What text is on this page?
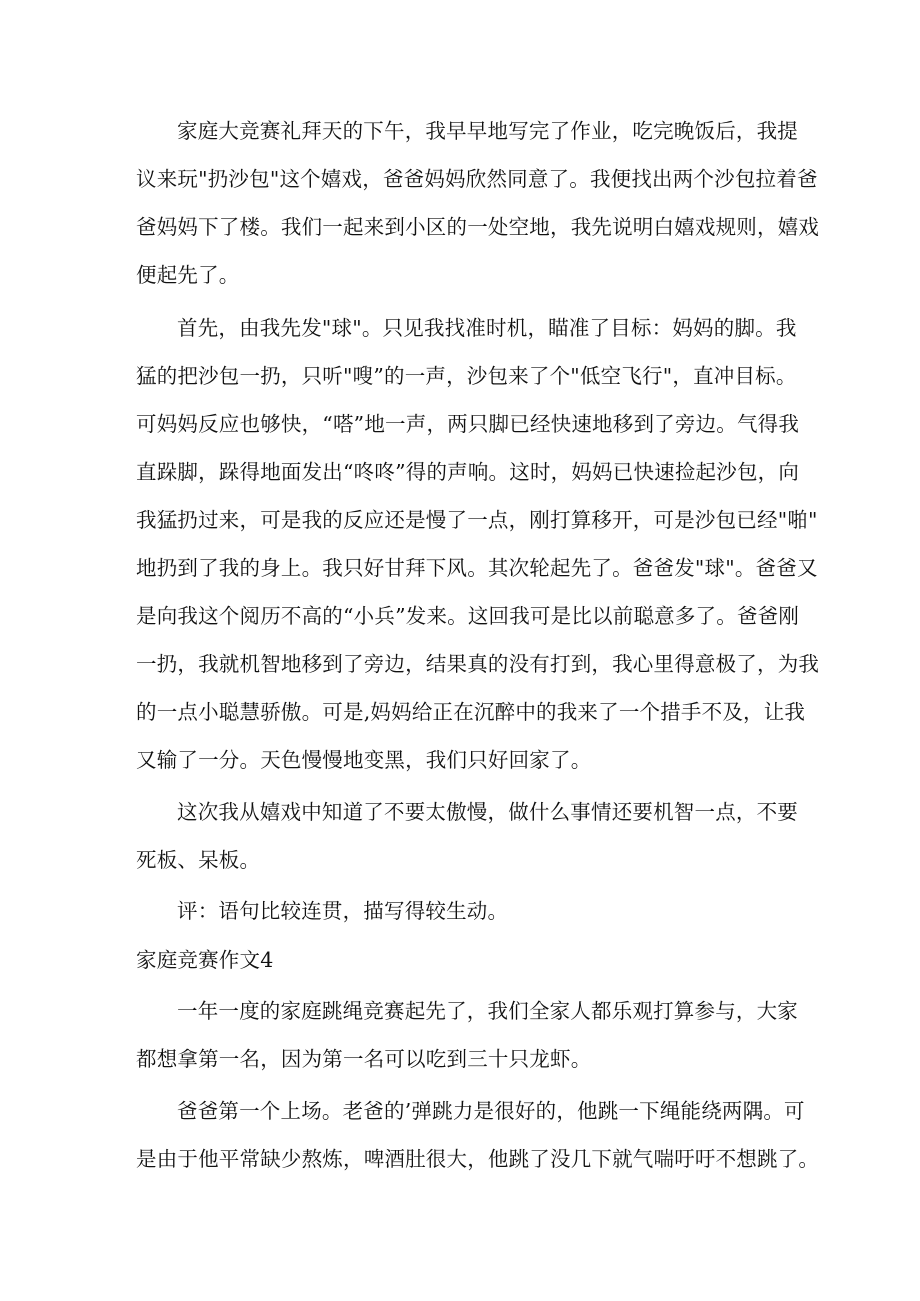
家庭大竞赛礼拜天的下午，我早早地写完了作业，吃完晚饭后，我提
议来玩"扔沙包"这个嬉戏，爸爸妈妈欣然同意了。我便找出两个沙包拉着爸
爸妈妈下了楼。我们一起来到小区的一处空地，我先说明白嬉戏规则，嬉戏
便起先了。
首先，由我先发"球"。只见我找准时机，瞄准了目标：妈妈的脚。我
猛的把沙包一扔，只听"嗖”的一声，沙包来了个"低空飞行"，直冲目标。
可妈妈反应也够快，“嗒”地一声，两只脚已经快速地移到了旁边。气得我
直跺脚，跺得地面发出“咚咚”得的声响。这时，妈妈已快速捡起沙包，向
我猛扔过来，可是我的反应还是慢了一点，刚打算移开，可是沙包已经"啪"
地扔到了我的身上。我只好甘拜下风。其次轮起先了。爸爸发"球"。爸爸又
是向我这个阅历不高的“小兵”发来。这回我可是比以前聪意多了。爸爸刚
一扔，我就机智地移到了旁边，结果真的没有打到，我心里得意极了，为我
的一点小聪慧骄傲。可是,妈妈给正在沉醉中的我来了一个措手不及，让我
又输了一分。天色慢慢地变黑，我们只好回家了。
这次我从嬉戏中知道了不要太傲慢，做什么事情还要机智一点，不要
死板、呆板。
评：语句比较连贯，描写得较生动。
家庭竞赛作文4
一年一度的家庭跳绳竞赛起先了，我们全家人都乐观打算参与，大家
都想拿第一名，因为第一名可以吃到三十只龙虾。
爸爸第一个上场。老爸的’弹跳力是很好的，他跳一下绳能绕两隅。可
是由于他平常缺少熬炼，啤酒肚很大，他跳了没几下就气喘吁吁不想跳了。
